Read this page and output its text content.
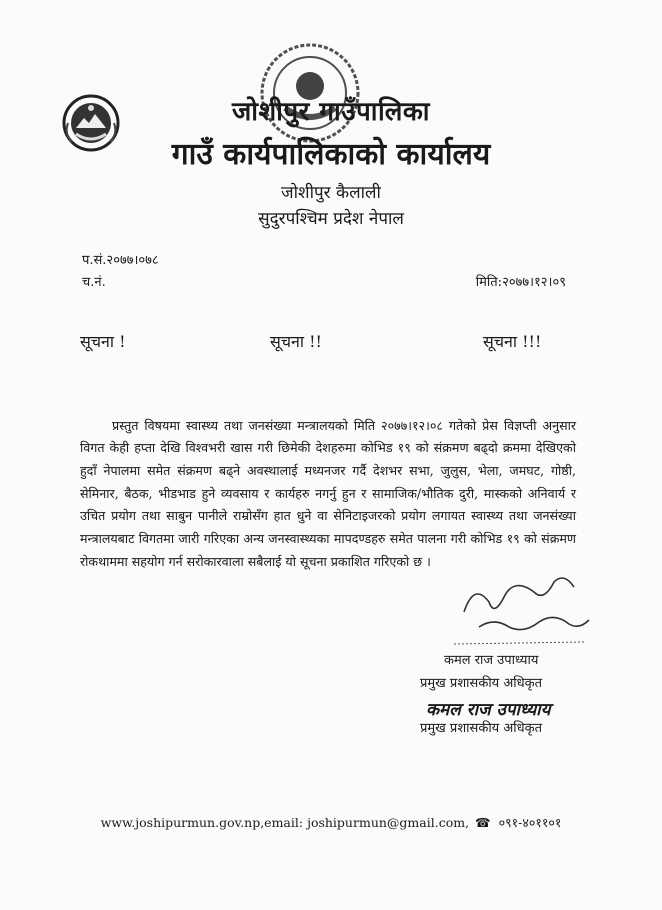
जोशीपुर गाउँपालिका
गाउँ कार्यपालिकाको कार्यालय
जोशीपुर कैलाली
सुदुरपश्चिम प्रदेश नेपाल
प.सं.२०७७।०७८
च.नं.	मिति:२०७७।१२।०९
सूचना !	सूचना !!	सूचना !!!

प्रस्तुत विषयमा स्वास्थ्य तथा जनसंख्या मन्त्रालयको मिति २०७७।१२।०८ गतेको प्रेस विज्ञप्ती अनुसार विगत केही हप्ता देखि विश्वभरी खास गरी छिमेकी देशहरुमा कोभिड १९ को संक्रमण बढ्दो क्रममा देखिएको हुदाँ नेपालमा समेत संक्रमण बढ्ने अवस्थालाई मध्यनजर गर्दै देशभर सभा, जुलुस, भेला, जमघट, गोष्ठी, सेमिनार, बैठक, भीडभाड हुने व्यवसाय र कार्यहरु नगर्नु हुन र सामाजिक/भौतिक दुरी, मास्कको अनिवार्य र उचित प्रयोग तथा साबुन पानीले राम्रोसँग हात धुने वा सेनिटाइजरको प्रयोग लगायत स्वास्थ्य तथा जनसंख्या मन्त्रालयबाट विगतमा जारी गरिएका अन्य जनस्वास्थ्यका मापदण्डहरु समेत पालना गरी कोभिड १९ को संक्रमण रोकथाममा सहयोग गर्न सरोकारवाला सबैलाई यो सूचना प्रकाशित गरिएको छ ।

कमल राज उपाध्याय
प्रमुख प्रशासकीय अधिकृत
कमल राज उपाध्याय
प्रमुख प्रशासकीय अधिकृत
www.joshipurmun.gov.np,email: joshipurmun@gmail.com, ☎ ०९१-४०११०१
